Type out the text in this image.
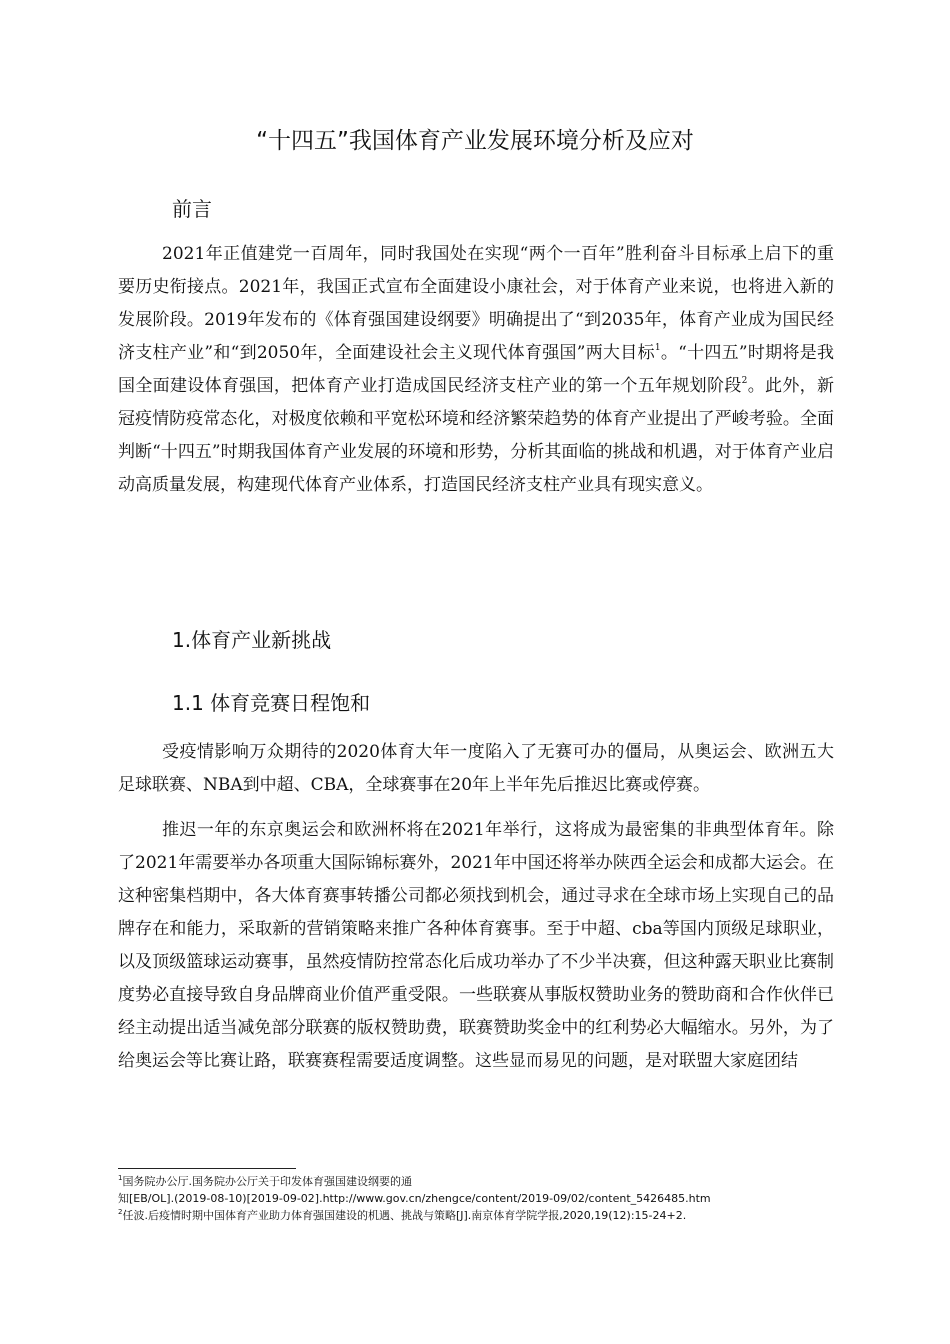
“十四五”我国体育产业发展环境分析及应对
前言

2021年正值建党一百周年，同时我国处在实现“两个一百年”胜利奋斗目标承上启下的重要历史衔接点。2021年，我国正式宣布全面建设小康社会，对于体育产业来说，也将进入新的发展阶段。2019年发布的《体育强国建设纲要》明确提出了“到2035年，体育产业成为国民经济支柱产业”和“到2050年，全面建设社会主义现代体育强国”两大目标$^1$。“十四五”时期将是我国全面建设体育强国，把体育产业打造成国民经济支柱产业的第一个五年规划阶段$^2$。此外，新冠疫情防疫常态化，对极度依赖和平宽松环境和经济繁荣趋势的体育产业提出了严峻考验。全面判断“十四五”时期我国体育产业发展的环境和形势，分析其面临的挑战和机遇，对于体育产业启动高质量发展，构建现代体育产业体系，打造国民经济支柱产业具有现实意义。

1.体育产业新挑战
1.1 体育竞赛日程饱和

受疫情影响万众期待的2020体育大年一度陷入了无赛可办的僵局，从奥运会、欧洲五大足球联赛、NBA到中超、CBA，全球赛事在20年上半年先后推迟比赛或停赛。

推迟一年的东京奥运会和欧洲杯将在2021年举行，这将成为最密集的非典型体育年。除了2021年需要举办各项重大国际锦标赛外，2021年中国还将举办陕西全运会和成都大运会。在这种密集档期中，各大体育赛事转播公司都必须找到机会，通过寻求在全球市场上实现自己的品牌存在和能力，采取新的营销策略来推广各种体育赛事。至于中超、cba等国内顶级足球职业，以及顶级篮球运动赛事，虽然疫情防控常态化后成功举办了不少半决赛，但这种露天职业比赛制度势必直接导致自身品牌商业价值严重受限。一些联赛从事版权赞助业务的赞助商和合作伙伴已经主动提出适当减免部分联赛的版权赞助费，联赛赞助奖金中的红利势必大幅缩水。另外，为了给奥运会等比赛让路，联赛赛程需要适度调整。这些显而易见的问题，是对联盟大家庭团结

$^1$国务院办公厅.国务院办公厅关于印发体育强国建设纲要的通
知[EB/OL].(2019-08-10)[2019-09-02].http://www.gov.cn/zhengce/content/2019-09/02/content_5426485.htm

$^2$任波.后疫情时期中国体育产业助力体育强国建设的机遇、挑战与策略[J].南京体育学院学报,2020,19(12):15-24+2.
